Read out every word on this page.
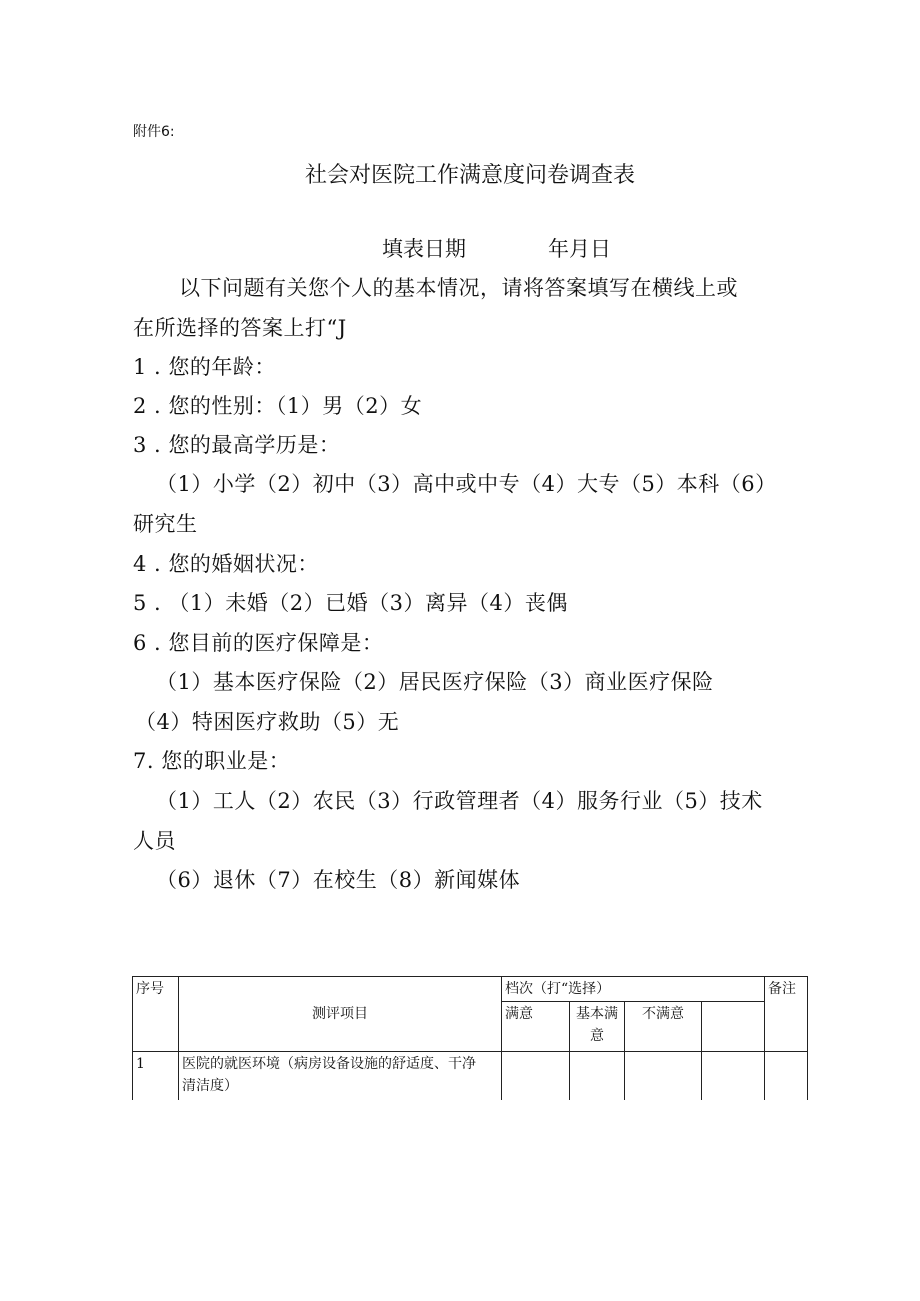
附件6:
社会对医院工作满意度问卷调查表
填表日期	年月日
以下问题有关您个人的基本情况，请将答案填写在横线上或
在所选择的答案上打“J
1 . 您的年龄：
2 . 您的性别：（1）男（2）女
3 . 您的最高学历是：
（1）小学（2）初中（3）高中或中专（4）大专（5）本科（6）
研究生
4 . 您的婚姻状况：
5 . （1）未婚（2）已婚（3）离异（4）丧偶
6 . 您目前的医疗保障是：
（1）基本医疗保险（2）居民医疗保险（3）商业医疗保险
（4）特困医疗救助（5）无
7. 您的职业是：
（1）工人（2）农民（3）行政管理者（4）服务行业（5）技术
人员
（6）退休（7）在校生（8）新闻媒体
序号	测评项目	档次（打“选择）				备注
		满意	基本满意	不满意		
1	医院的就医环境（病房设备设施的舒适度、干净清洁度）					
